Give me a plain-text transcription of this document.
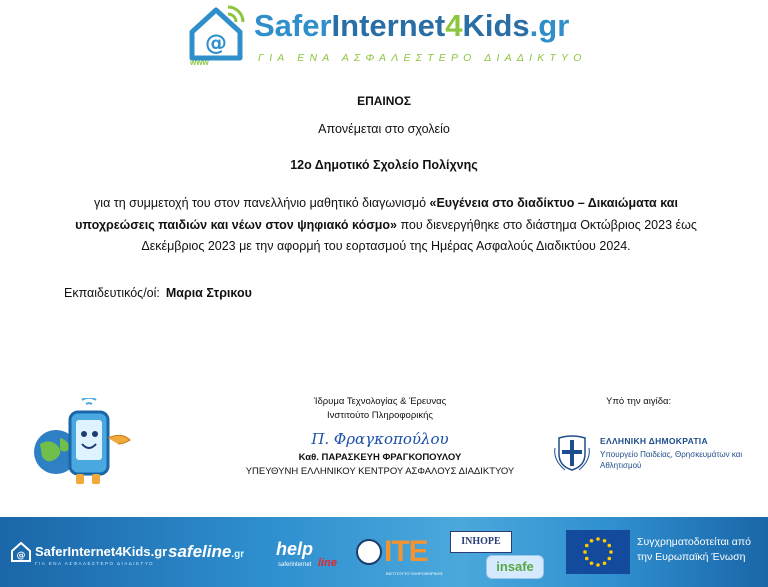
@
SaferInternet4Kids.gr
ΓΙΑ ΕΝΑ ΑΣΦΑΛΕΣΤΕΡΟ ΔΙΑΔΙΚΤΥΟ
www
ΕΠΑΙΝΟΣ
Απονέμεται στο σχολείο
12ο Δημοτικό Σχολείο Πολίχνης
για τη συμμετοχή του στον πανελλήνιο μαθητικό διαγωνισμό «Ευγένεια στο διαδίκτυο – Δικαιώματα και υποχρεώσεις παιδιών και νέων στον ψηφιακό κόσμο» που διενεργήθηκε στο διάστημα Οκτώβριος 2023 έως Δεκέμβριος 2023 με την αφορμή του εορτασμού της Ημέρας Ασφαλούς Διαδικτύου 2024.
Εκπαιδευτικός/οί: Μαρια Στρικου
Ίδρυμα Τεχνολογίας & Έρευνας
Ινστιτούτο Πληροφορικής
Π. Φραγκοπούλου
Καθ. ΠΑΡΑΣΚΕΥΗ ΦΡΑΓΚΟΠΟΥΛΟΥ
ΥΠΕΥΘΥΝΗ ΕΛΛΗΝΙΚΟΥ ΚΕΝΤΡΟΥ ΑΣΦΑΛΟΥΣ ΔΙΑΔΙΚΤΥΟΥ
Υπό την αιγίδα:
ΕΛΛΗΝΙΚΗ ΔΗΜΟΚΡΑΤΙΑ
Υπουργείο Παιδείας, Θρησκευμάτων και Αθλητισμού
@ SaferInternet4Kids.gr
ΓΙΑ ΕΝΑ ΑΣΦΑΛΕΣΤΕΡΟ ΔΙΑΔΙΚΤΥΟ
safeline.gr help
line
saferinternet ITE
ΙΝΣΤΙΤΟΥΤΟ ΠΛΗΡΟΦΟΡΙΚΗΣ
INHOPE
insafe
Συγχρηματοδοτείται από την Ευρωπαϊκή Ένωση
